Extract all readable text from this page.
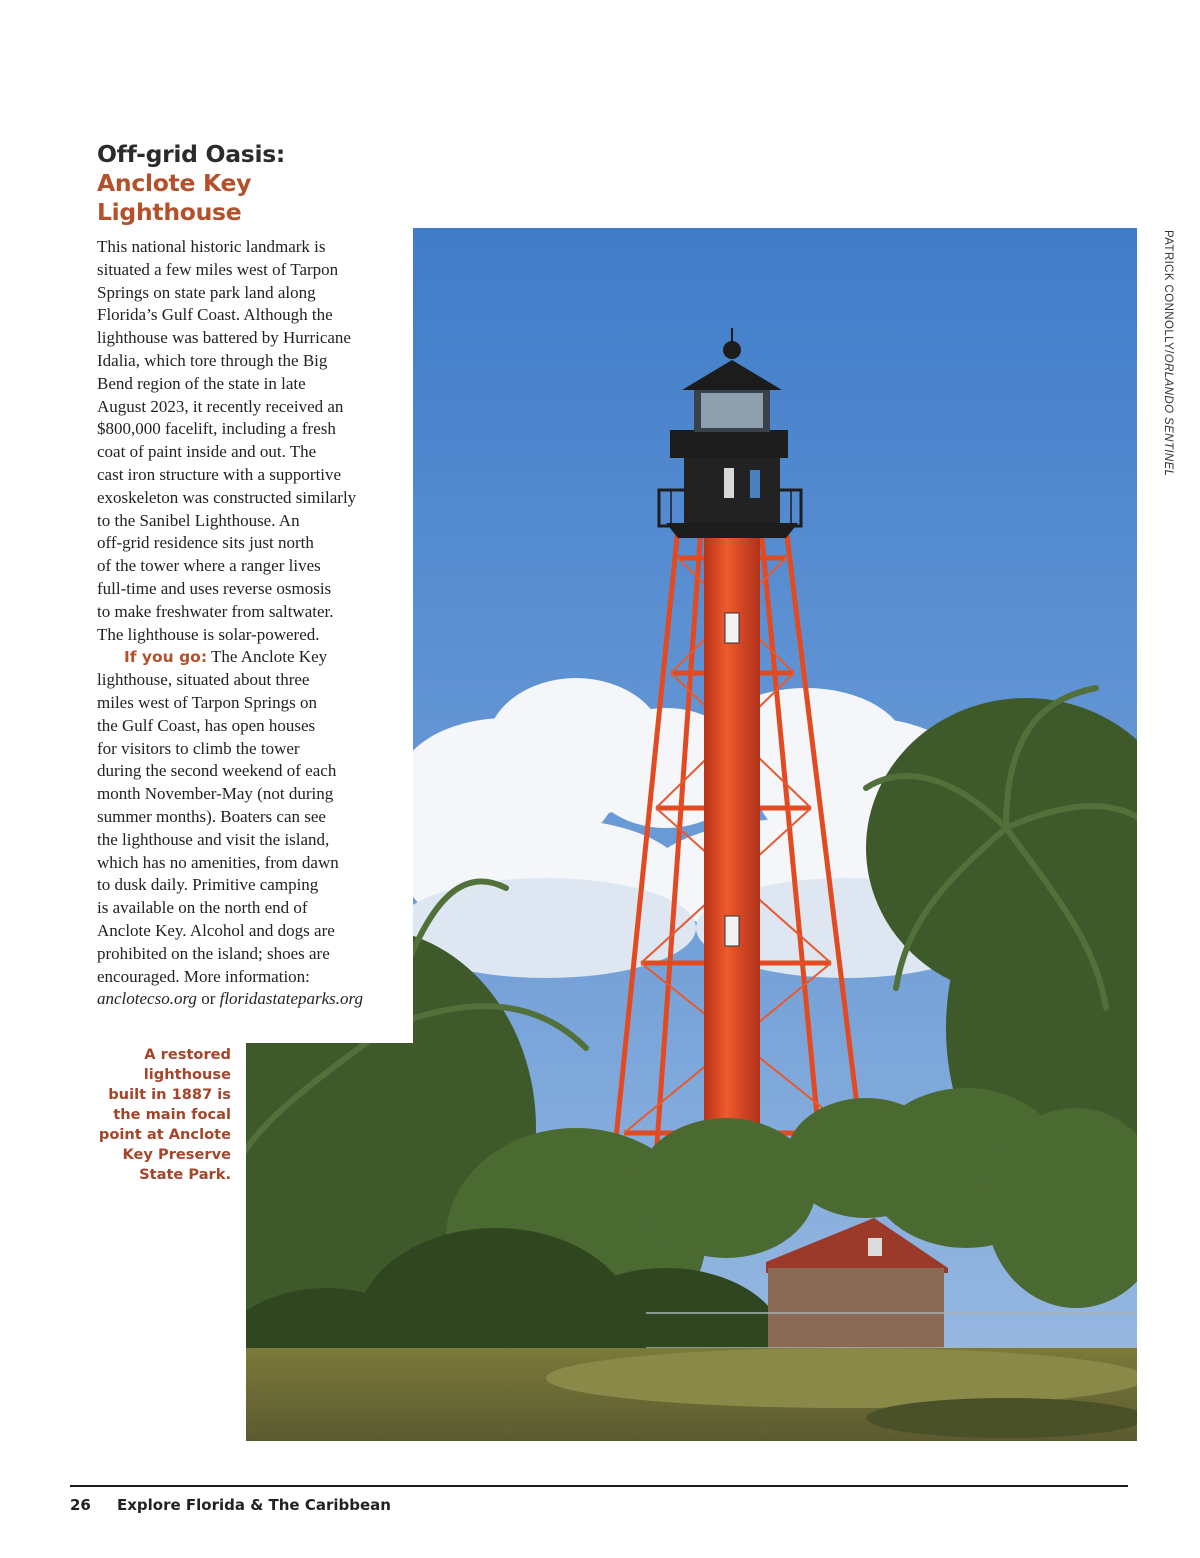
Off-grid Oasis:
Anclote Key
Lighthouse
This national historic landmark is
situated a few miles west of Tarpon
Springs on state park land along
Florida’s Gulf Coast. Although the
lighthouse was battered by Hurricane
Idalia, which tore through the Big
Bend region of the state in late
August 2023, it recently received an
$800,000 facelift, including a fresh
coat of paint inside and out. The
cast iron structure with a supportive
exoskeleton was constructed similarly
to the Sanibel Lighthouse. An
off-grid residence sits just north
of the tower where a ranger lives
full-time and uses reverse osmosis
to make freshwater from saltwater.
The lighthouse is solar-powered.
If you go: The Anclote Key
lighthouse, situated about three
miles west of Tarpon Springs on
the Gulf Coast, has open houses
for visitors to climb the tower
during the second weekend of each
month November-May (not during
summer months). Boaters can see
the lighthouse and visit the island,
which has no amenities, from dawn
to dusk daily. Primitive camping
is available on the north end of
Anclote Key. Alcohol and dogs are
prohibited on the island; shoes are
encouraged. More information:
anclotecso.org or floridastateparks.org
A restored
lighthouse
built in 1887 is
the main focal
point at Anclote
Key Preserve
State Park.
PATRICK CONNOLLY/ORLANDO SENTINEL
26 Explore Florida & The Caribbean
